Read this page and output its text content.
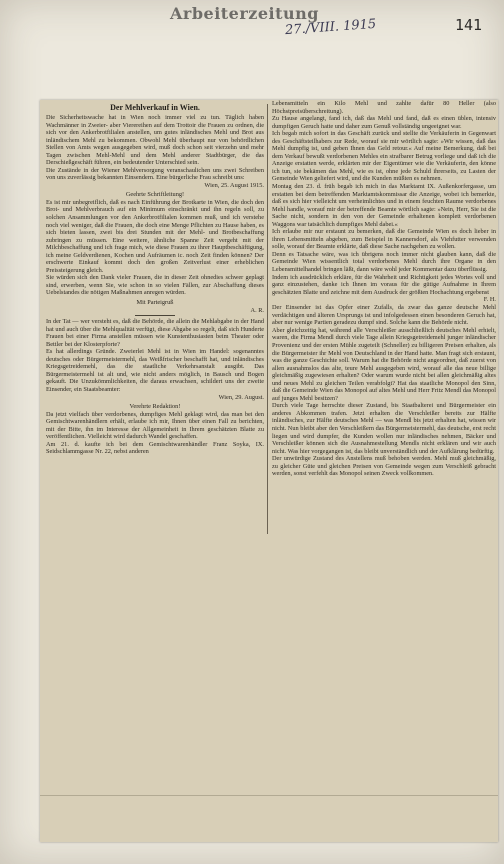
Arbeiterzeitung
27./VIII. 1915	141
Der Mehlverkauf in Wien.

Die Sicherheitswache hat in Wien noch immer viel zu tun. Täglich haben Wachmänner in Zweier- aber Vierereihen auf dem Trottoir die Frauen zu ordnen, die sich vor den Ankerbrotfilialen anstellen, um gutes inländisches Mehl und Brot aus inländischem Mehl zu bekommen. Obwohl Mehl überhaupt nur von behördlichen Stellen von Amts wegen ausgegeben wird, muß doch schon seit vierzehn und mehr Tagen zwischen Mehl-Mehl und dem Mehl anderer Stadtbürger, die das Derschießgeschäft führen, ein bedeutender Unterschied sein.

Die Zustände in der Wiener Mehlversorgung veranschaulichen uns zwei Schreiben von uns zuverlässig bekannten Einsendern. Eine bürgerliche Frau schreibt uns:

Wien, 25. August 1915.
Geehrte Schriftleitung!

Es ist mir unbegreiflich, daß es nach Einführung der Brotkarte in Wien, die doch den Brot- und Mehlverbrauch auf ein Minimum einschränkt und ihn regeln soll, zu solchen Ansammlungen vor den Ankerbrotfilialen kommen muß, und ich verstehe noch viel weniger, daß die Frauen, die doch eine Menge Pflichten zu Hause haben, es sich bieten lassen, zwei bis drei Stunden mit der Mehl- und Brotbeschaffung zubringen zu müssen. Eine weitere, ähnliche Spanne Zeit vergeht mit der Milchbeschaffung und ich frage mich, wie diese Frauen zu ihrer Hauptbeschäftigung, ich meine Geldverdienen, Kochen und Aufräumen ic. noch Zeit finden können? Der erschwerte Einkauf kommt doch den großen Zeitverlust einer erheblichen Preissteigerung gleich.

Sie würden sich den Dank vieler Frauen, die in dieser Zeit ohnedies schwer geplagt sind, erwerben, wenn Sie, wie schon in so vielen Fällen, zur Abschaffung dieses Uebelstandes die nötigen Maßnahmen anregen würden.

Mit Parteigruß
A. R.

In der Tat — wer versteht es, daß die Behörde, die allein die Mehlabgabe in der Hand hat und auch über die Mehlqualität verfügt, diese Abgabe so regelt, daß sich Hunderte Frauen bei einer Firma anstellen müssen wie Kunstenthusiasten beim Theater oder Bettler bei der Klosterpforte?

Es hat allerdings Gründe. Zweierlei Mehl ist in Wien im Handel: sogenanntes deutsches oder Bürgermeistermehl, das Weißfrischer beschafft hat, und inländisches Kriegsgetreidemehl, das die staatliche Verkehrsanstalt ausgibt. Das Bürgermeistermehl ist alt und, wie nicht anders möglich, in Bausch und Bogen gekauft. Die Unzukömmlichkeiten, die daraus erwachsen, schildert uns der zweite Einsender, ein Staatsbeamter:

Wien, 29. August.
Verehrte Redaktion!

Da jetzt vielfach über verdorbenes, dumpfiges Mehl geklagt wird, das man bei den Gemischtwarenhändlern erhält, erlaube ich mir, Ihnen über einen Fall zu berichten, mit der Bitte, ihn im Interesse der Allgemeinheit in Ihrem geschätzten Blatte zu veröffentlichen. Vielleicht wird dadurch Wandel geschaffen.

Am 21. d. kaufte ich bei dem Gemischtwarenhändler Franz Soyka, IX. Seidschlammgasse Nr. 22, nebst anderen

Lebensmitteln ein Kilo Mehl und zahlte dafür 80 Heller (also Höchstpreisüberschreitung).

Zu Hause angelangt, fand ich, daß das Mehl und fand, daß es einen üblen, intensiv dumpfigen Geruch hatte und daher zum Genuß vollständig ungeeignet war.

Ich begab mich sofort in das Geschäft zurück und stellte die Verkäuferin in Gegenwart des Geschäftsteilhabers zur Rede, worauf sie mir wörtlich sagte: »Wir wissen, daß das Mehl dumpfig ist, und geben Ihnen das Geld retour.« Auf meine Bemerkung, daß bei dem Verkauf bewußt verdorbenen Mehles ein strafbarer Betrug vorliege und daß ich die Anzeige erstatten werde, erklärten mir der Eigentümer wie die Verkäuferin, den könne ich tun, sie bekämen das Mehl, wie es ist, ohne jede Schuld ihrerseits, zu Lasten der Gemeinde Wien geliefert wird, und die Kunden müßten es nehmen.

Montag den 23. d. früh begab ich mich in das Marktamt IX. Außenkorfergasse, um erstatten bei dem betreffenden Marktamtskommissar die Anzeige, wobei ich bemerkte, daß es sich hier vielleicht um verheimlichtes und in einem feuchten Raume verdorbenes Mehl handle, worauf mir der betreffende Beamte wörtlich sagte: »Nein, Herr, Sie ist die Sache nicht, sondern in den von der Gemeinde erhaltenen komplett verdorbenen Waggons war tatsächlich dumpfiges Mehl dabei.«

Ich erlaube mir nur erstaunt zu bemerken, daß die Gemeinde Wien es doch lieber in ihren Lebensmitteln abgeben, zum Beispiel in Kannersdorf, als Viehfutter verwenden solle, worauf der Beamte erklärte, daß diese Sache nachgehen zu wollen.

Denn es Tatsache wäre, was ich übrigens noch immer nicht glauben kann, daß die Gemeinde Wien wissentlich total verdorbenes Mehl durch ihre Organe in den Lebensmittelhandel bringen läßt, dann wäre wohl jeder Kommentar dazu überflüssig.

Indem ich ausdrücklich erkläre, für die Wahrheit und Richtigkeit jedes Wortes voll und ganz einzustehen, danke ich Ihnen im voraus für die gütige Aufnahme in Ihrem geschätzten Blatte und zeichne mit dem Ausdruck der größten Hochachtung ergebenst

F. H.

Der Einsender ist das Opfer einer Zufalls, da zwar das ganze deutsche Mehl verdächtigen und älteren Ursprungs ist und infolgedessen einen besonderen Geruch hat, aber nur wenige Partien geradezu dumpf sind. Solche kann die Behörde nicht.

Aber gleichzeitig hat, während alle Verschleißer ausschließlich deutsches Mehl erhielt, waren, die Firma Mendl durch viele Tage allein Kriegsgetreidemehl junger inländischer Provenienz und der ersten Mühle zugeteilt (Schneller) zu billigeren Preisen erhalten, als die Bürgermeister ihr Mehl von Deutschland in der Hand hatte. Man fragt sich erstaunt, was die ganze Geschichte soll. Warum hat die Behörde nicht angeordnet, daß zuerst von allen ausnahmslos das alte, teure Mehl ausgegeben wird, worauf alle das neue billige gleichmäßig zugewiesen erhalten? Oder warum wurde nicht bei allen gleichmäßig altes und neues Mehl zu gleichen Teilen verabfolgt? Hat das staatliche Monopol den Sinn, daß die Gemeinde Wien das Monopol auf altes Mehl und Herr Fritz Mendl das Monopol auf junges Mehl besitzen?

Durch viele Tage herrschte dieser Zustand, bis Staatbalterei und Bürgermeister ein anderes Abkommen trafen. Jetzt erhalten die Verschleißer bereits zur Hälfte inländisches, zur Hälfte deutsches Mehl — was Mendl bis jetzt erhalten hat, wissen wir nicht. Nun bleibt aber den Verschleißern das Bürgermeistermehl, das deutsche, erst recht liegen und wird dumpfer, die Kunden wollen nur inländisches nehmen, Bäcker und Verschleißer können sich die Ausnahmestellung Mendls nicht erklären und wir auch nicht. Was hier vorgegangen ist, das bleibt unverständlich und der Aufklärung bedürftig.

Der unwürdige Zustand des Anstellens muß behoben werden. Mehl muß gleichmäßig, zu gleicher Güte und gleichen Preisen von Gemeinde wegen zum Verschleiß gebracht werden, sonst verfehlt das Monopol seinen Zweck vollkommen.
